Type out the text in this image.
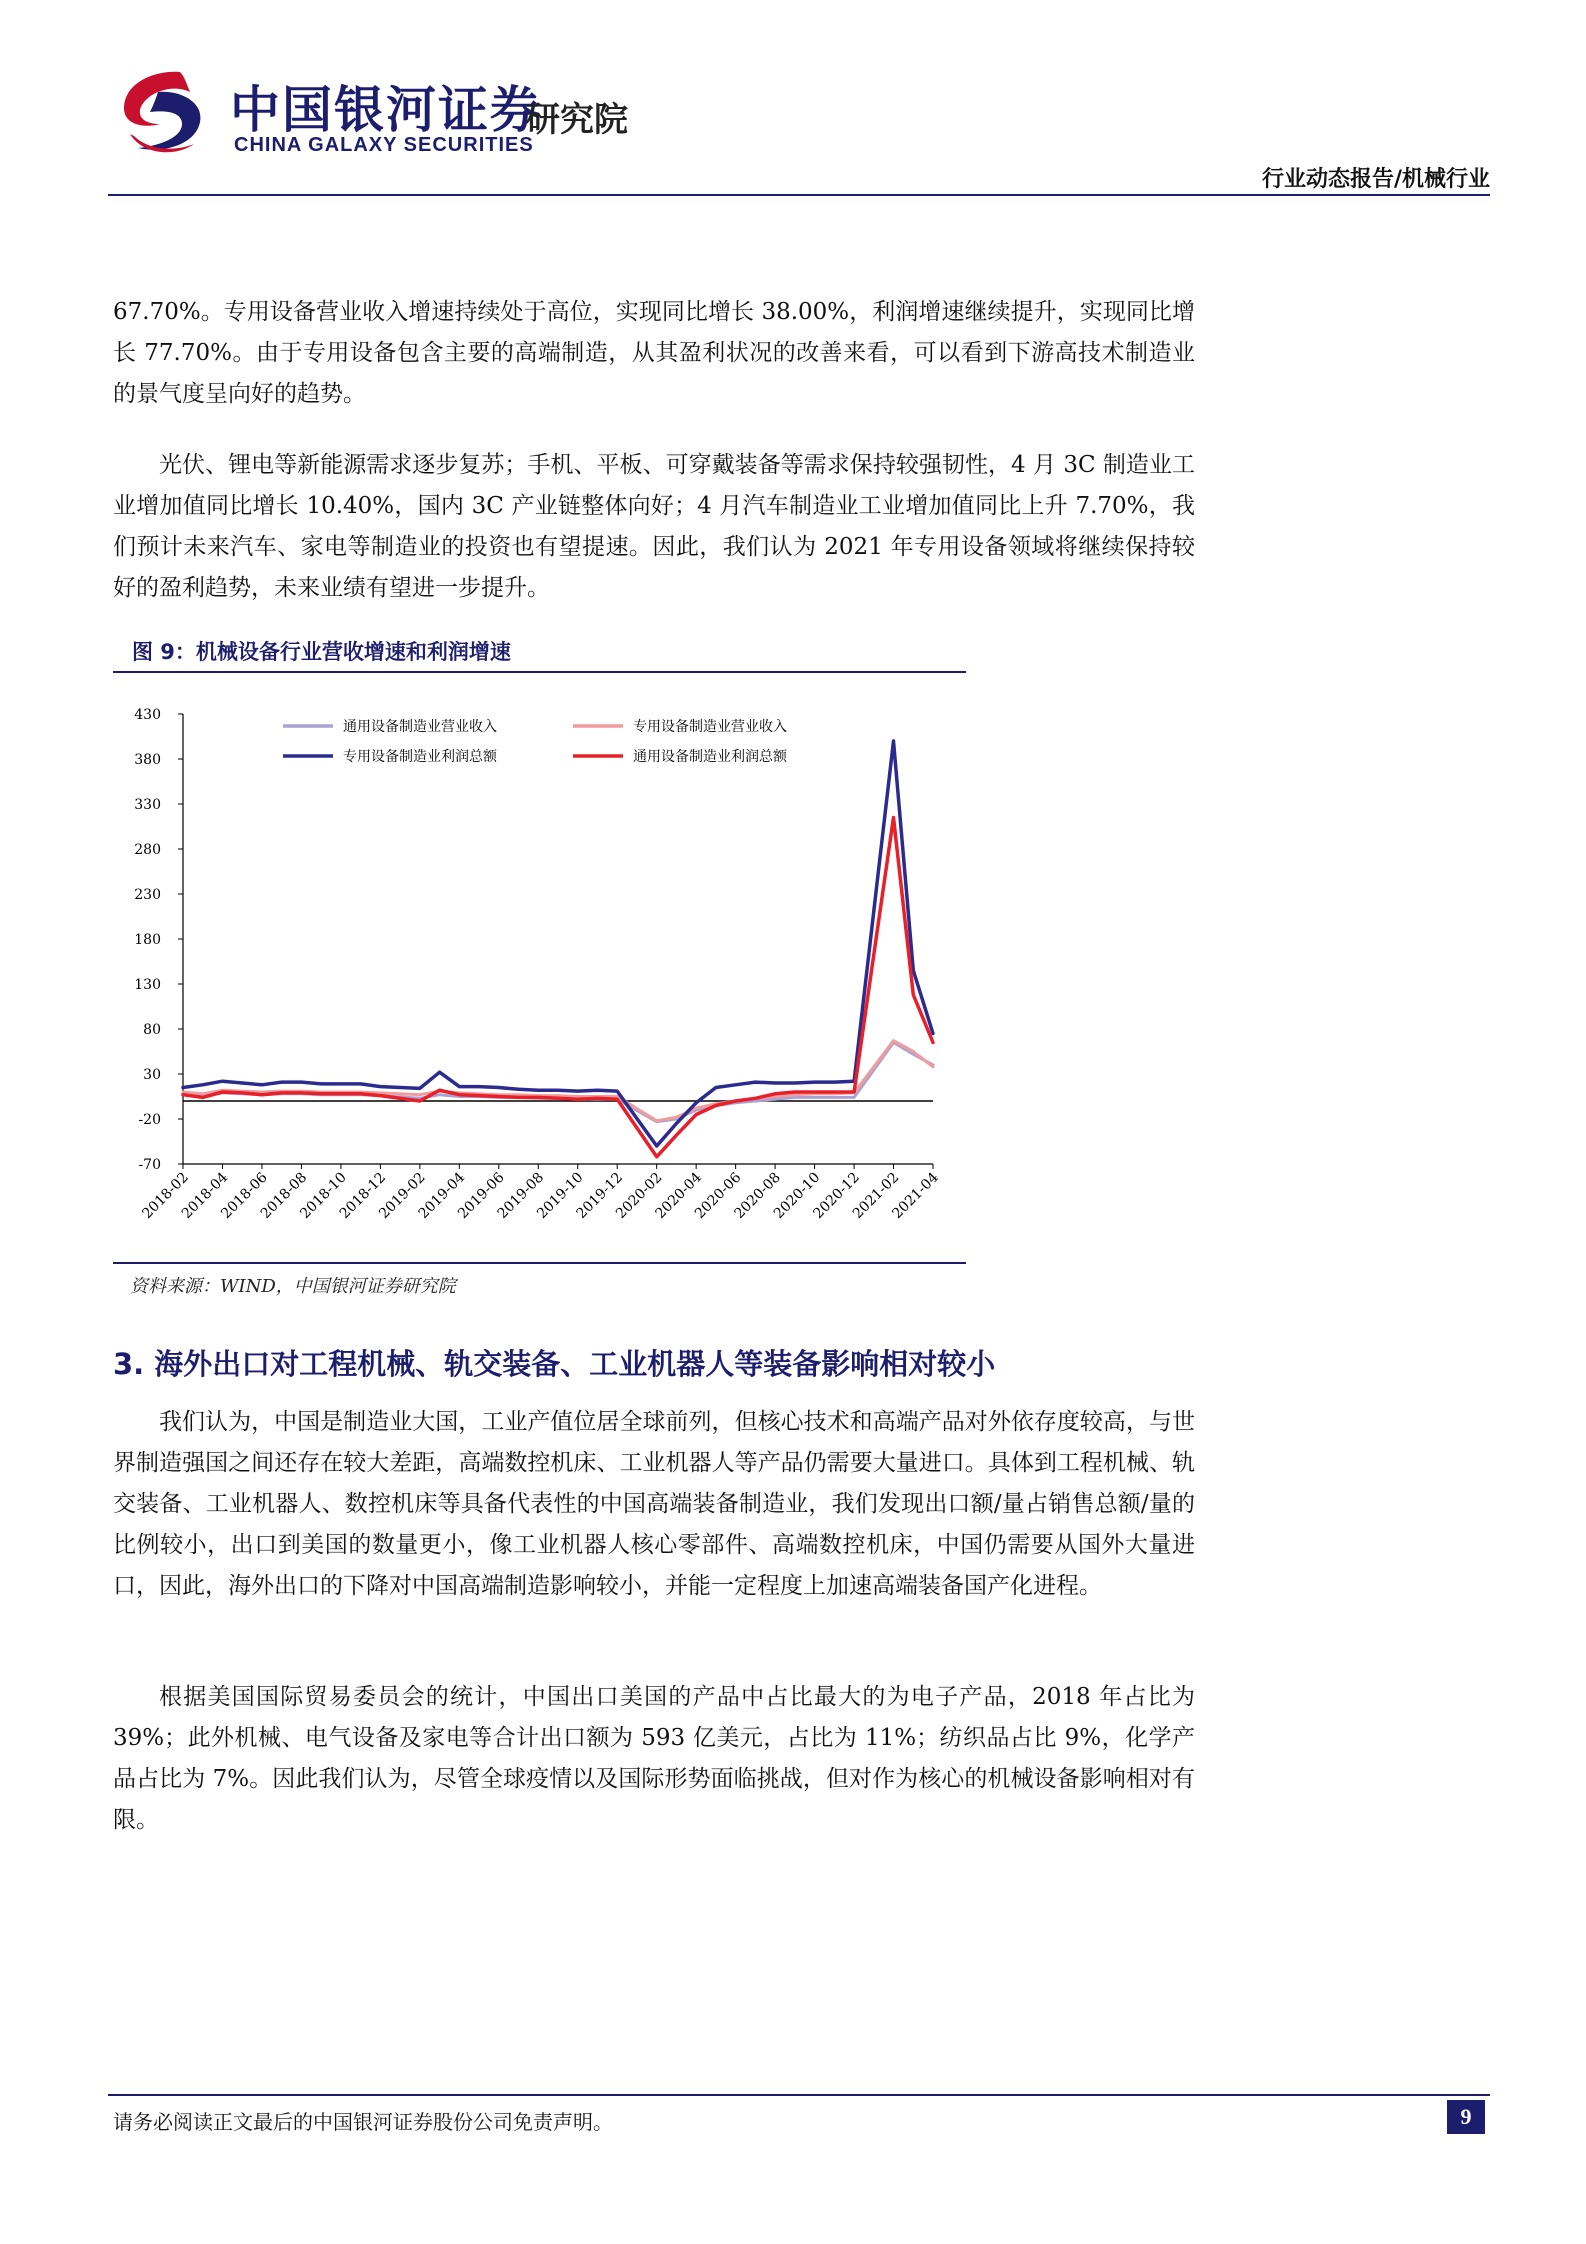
中国银河证券
CHINA GALAXY SECURITIES
研究院
行业动态报告/机械行业

67.70%。专用设备营业收入增速持续处于高位，实现同比增长 38.00%，利润增速继续提升，实现同比增长 77.70%。由于专用设备包含主要的高端制造，从其盈利状况的改善来看，可以看到下游高技术制造业的景气度呈向好的趋势。

光伏、锂电等新能源需求逐步复苏；手机、平板、可穿戴装备等需求保持较强韧性，4 月 3C 制造业工业增加值同比增长 10.40%，国内 3C 产业链整体向好；4 月汽车制造业工业增加值同比上升 7.70%，我们预计未来汽车、家电等制造业的投资也有望提速。因此，我们认为 2021 年专用设备领域将继续保持较好的盈利趋势，未来业绩有望进一步提升。

图 9：机械设备行业营收增速和利润增速
430
380
330
280
230
180
130
80
30
-20
-70
2018-02
2018-04
2018-06
2018-08
2018-10
2018-12
2019-02
2019-04
2019-06
2019-08
2019-10
2019-12
2020-02
2020-04
2020-06
2020-08
2020-10
2020-12
2021-02
2021-04
通用设备制造业营业收入	专用设备制造业营业收入
专用设备制造业利润总额	通用设备制造业利润总额
资料来源：WIND，中国银河证券研究院
3. 海外出口对工程机械、轨交装备、工业机器人等装备影响相对较小

我们认为，中国是制造业大国，工业产值位居全球前列，但核心技术和高端产品对外依存度较高，与世界制造强国之间还存在较大差距，高端数控机床、工业机器人等产品仍需要大量进口。具体到工程机械、轨交装备、工业机器人、数控机床等具备代表性的中国高端装备制造业，我们发现出口额/量占销售总额/量的比例较小，出口到美国的数量更小，像工业机器人核心零部件、高端数控机床，中国仍需要从国外大量进口，因此，海外出口的下降对中国高端制造影响较小，并能一定程度上加速高端装备国产化进程。

根据美国国际贸易委员会的统计，中国出口美国的产品中占比最大的为电子产品，2018 年占比为 39%；此外机械、电气设备及家电等合计出口额为 593 亿美元，占比为 11%；纺织品占比 9%，化学产品占比为 7%。因此我们认为，尽管全球疫情以及国际形势面临挑战，但对作为核心的机械设备影响相对有限。

请务必阅读正文最后的中国银河证券股份公司免责声明。	9
